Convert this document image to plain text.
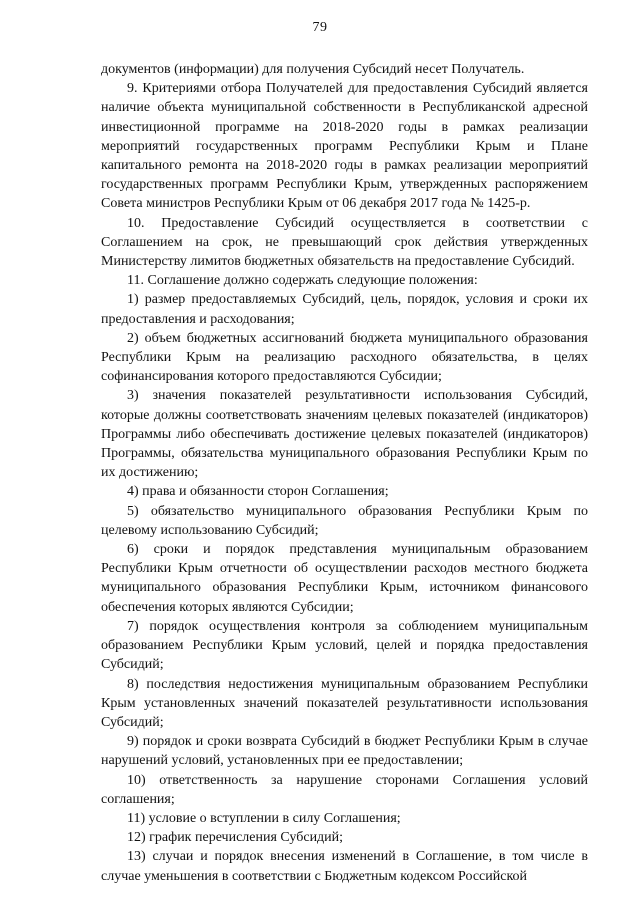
79

документов (информации) для получения Субсидий несет Получатель.

9. Критериями отбора Получателей для предоставления Субсидий является наличие объекта муниципальной собственности в Республиканской адресной инвестиционной программе на 2018-2020 годы в рамках реализации мероприятий государственных программ Республики Крым и Плане капитального ремонта на 2018-2020 годы в рамках реализации мероприятий государственных программ Республики Крым, утвержденных распоряжением Совета министров Республики Крым от 06 декабря 2017 года № 1425-р.

10. Предоставление Субсидий осуществляется в соответствии с Соглашением на срок, не превышающий срок действия утвержденных Министерству лимитов бюджетных обязательств на предоставление Субсидий.

11. Соглашение должно содержать следующие положения:

1) размер предоставляемых Субсидий, цель, порядок, условия и сроки их предоставления и расходования;

2) объем бюджетных ассигнований бюджета муниципального образования Республики Крым на реализацию расходного обязательства, в целях софинансирования которого предоставляются Субсидии;

3) значения показателей результативности использования Субсидий, которые должны соответствовать значениям целевых показателей (индикаторов) Программы либо обеспечивать достижение целевых показателей (индикаторов) Программы, обязательства муниципального образования Республики Крым по их достижению;

4) права и обязанности сторон Соглашения;

5) обязательство муниципального образования Республики Крым по целевому использованию Субсидий;

6) сроки и порядок представления муниципальным образованием Республики Крым отчетности об осуществлении расходов местного бюджета муниципального образования Республики Крым, источником финансового обеспечения которых являются Субсидии;

7) порядок осуществления контроля за соблюдением муниципальным образованием Республики Крым условий, целей и порядка предоставления Субсидий;

8) последствия недостижения муниципальным образованием Республики Крым установленных значений показателей результативности использования Субсидий;

9) порядок и сроки возврата Субсидий в бюджет Республики Крым в случае нарушений условий, установленных при ее предоставлении;

10) ответственность за нарушение сторонами Соглашения условий соглашения;

11) условие о вступлении в силу Соглашения;

12) график перечисления Субсидий;

13) случаи и порядок внесения изменений в Соглашение, в том числе в случае уменьшения в соответствии с Бюджетным кодексом Российской
